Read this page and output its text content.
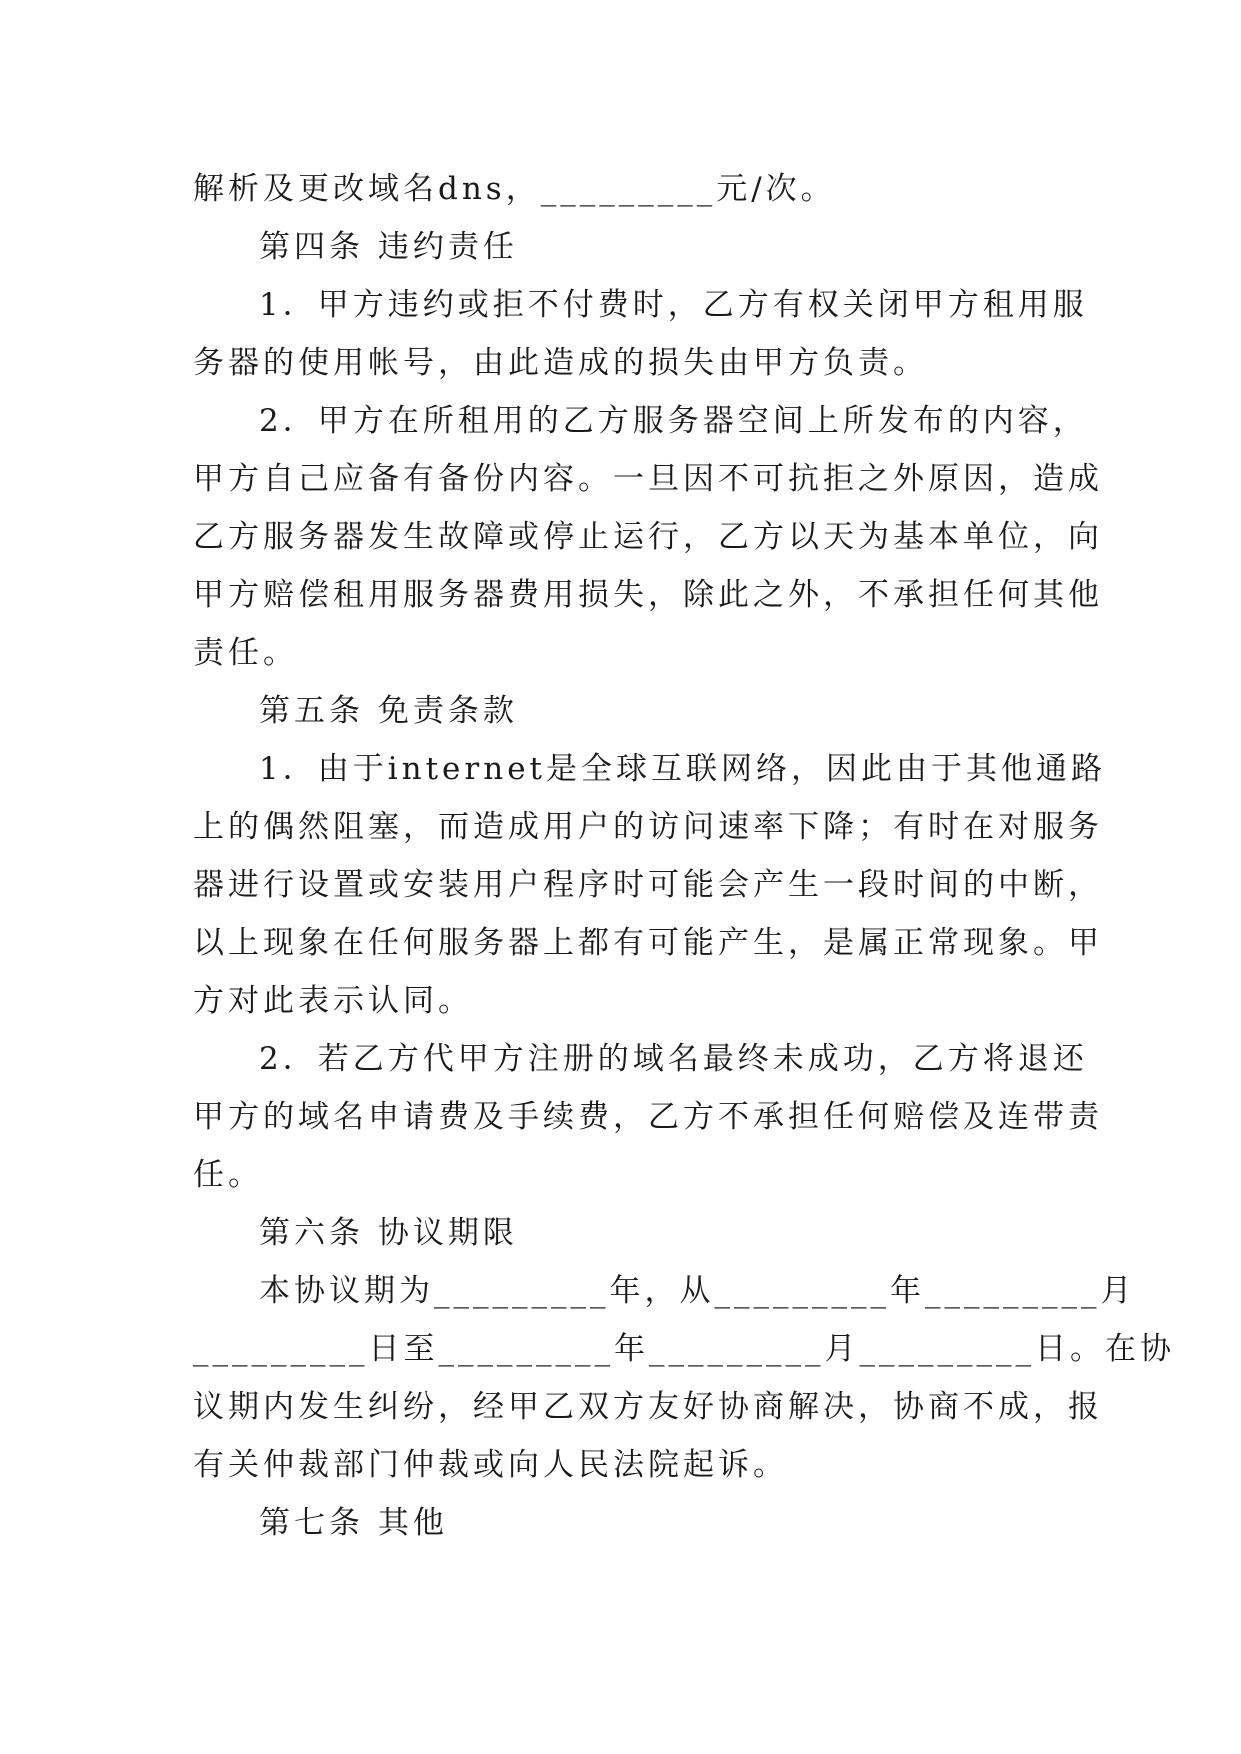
解析及更改域名dns，_________元/次。
第四条 违约责任
1．甲方违约或拒不付费时，乙方有权关闭甲方租用服
务器的使用帐号，由此造成的损失由甲方负责。
2．甲方在所租用的乙方服务器空间上所发布的内容，
甲方自己应备有备份内容。一旦因不可抗拒之外原因，造成
乙方服务器发生故障或停止运行，乙方以天为基本单位，向
甲方赔偿租用服务器费用损失，除此之外，不承担任何其他
责任。
第五条 免责条款
1．由于internet是全球互联网络，因此由于其他通路
上的偶然阻塞，而造成用户的访问速率下降；有时在对服务
器进行设置或安装用户程序时可能会产生一段时间的中断，
以上现象在任何服务器上都有可能产生，是属正常现象。甲
方对此表示认同。
2．若乙方代甲方注册的域名最终未成功，乙方将退还
甲方的域名申请费及手续费，乙方不承担任何赔偿及连带责
任。
第六条 协议期限
本协议期为_________年，从_________年_________月
_________日至_________年_________月_________日。在协
议期内发生纠纷，经甲乙双方友好协商解决，协商不成，报
有关仲裁部门仲裁或向人民法院起诉。
第七条 其他
